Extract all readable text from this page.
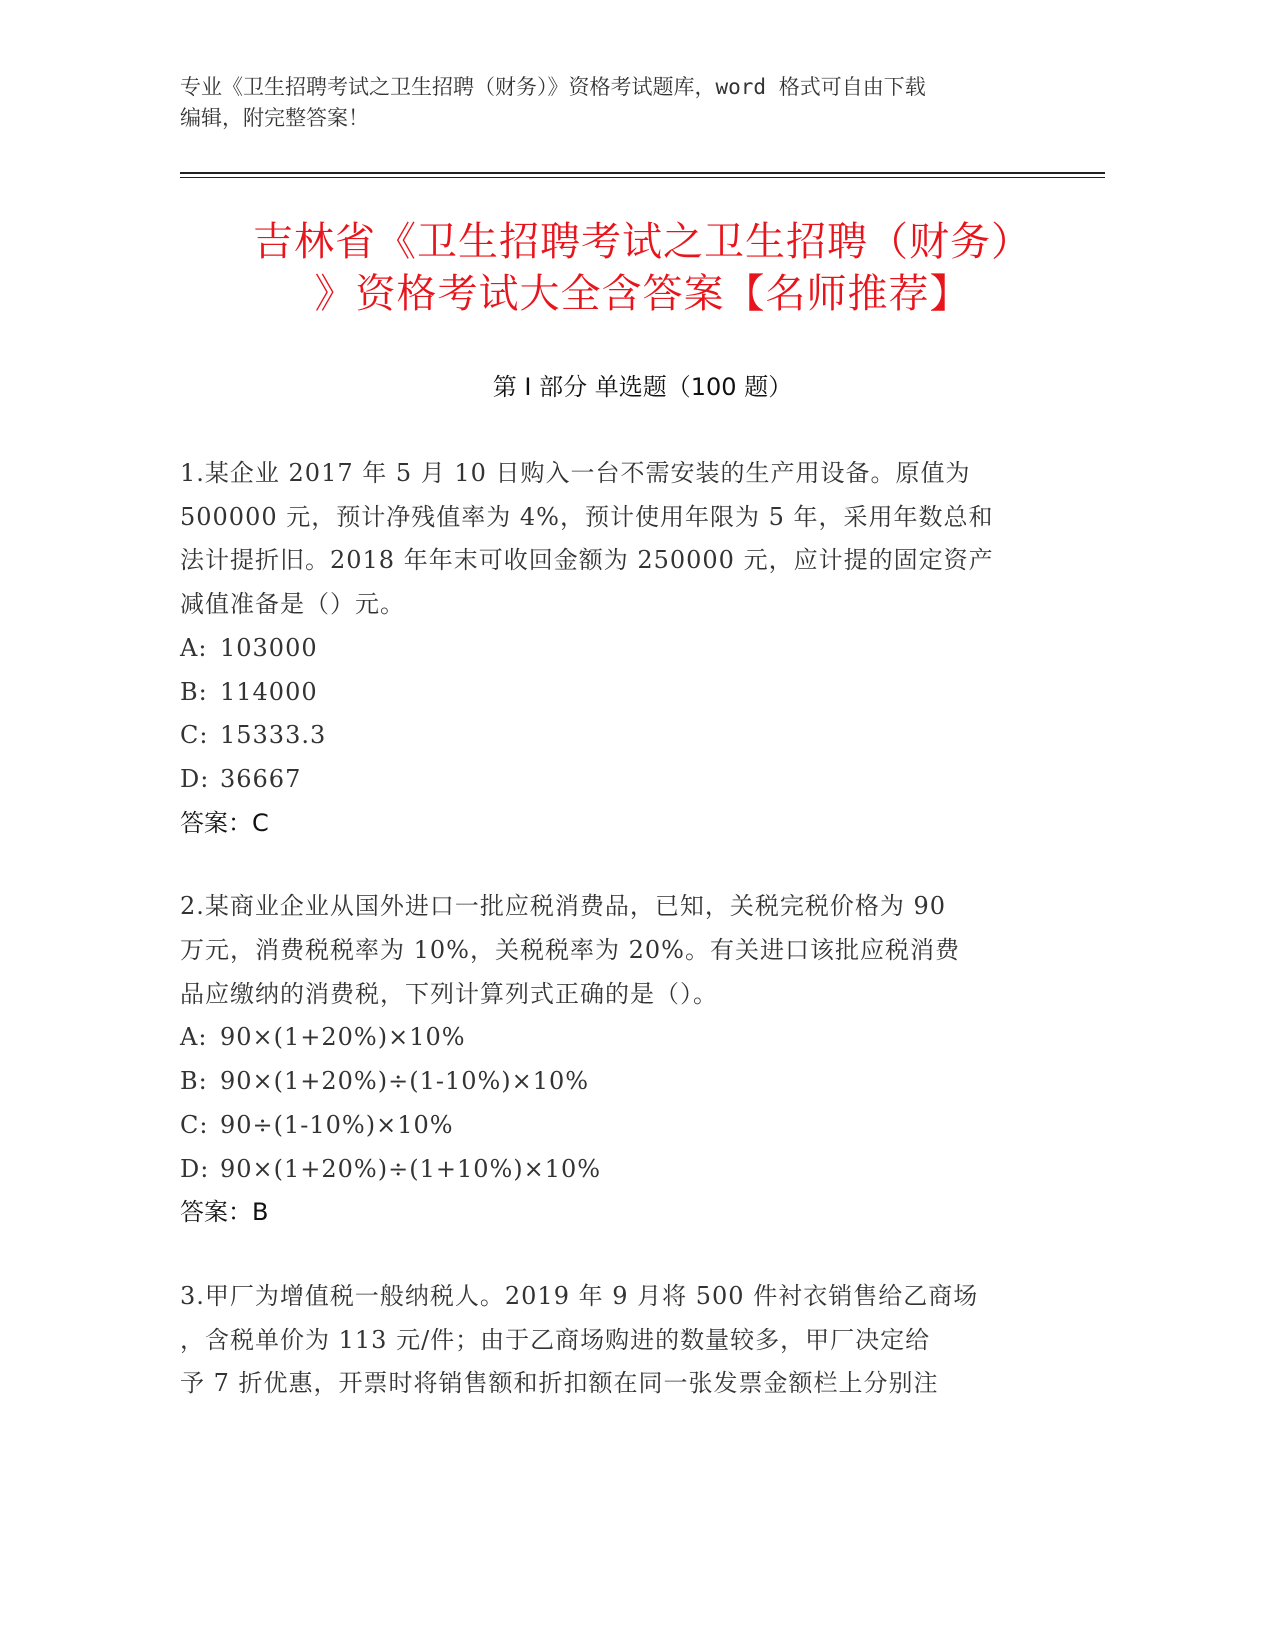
专业《卫生招聘考试之卫生招聘（财务）》资格考试题库，word 格式可自由下载
编辑，附完整答案！
吉林省《卫生招聘考试之卫生招聘（财务）
》资格考试大全含答案【名师推荐】
第 I 部分 单选题（100 题）
1.某企业 2017 年 5 月 10 日购入一台不需安装的生产用设备。原值为
500000 元，预计净残值率为 4%，预计使用年限为 5 年，采用年数总和
法计提折旧。2018 年年末可收回金额为 250000 元，应计提的固定资产
减值准备是（）元。
A: 103000
B: 114000
C: 15333.3
D: 36667
答案：C
2.某商业企业从国外进口一批应税消费品，已知，关税完税价格为 90
万元，消费税税率为 10%，关税税率为 20%。有关进口该批应税消费
品应缴纳的消费税，下列计算列式正确的是（）。
A: 90×(1+20%)×10%
B: 90×(1+20%)÷(1-10%)×10%
C: 90÷(1-10%)×10%
D: 90×(1+20%)÷(1+10%)×10%
答案：B
3.甲厂为增值税一般纳税人。2019 年 9 月将 500 件衬衣销售给乙商场
，含税单价为 113 元/件；由于乙商场购进的数量较多，甲厂决定给
予 7 折优惠，开票时将销售额和折扣额在同一张发票金额栏上分别注
